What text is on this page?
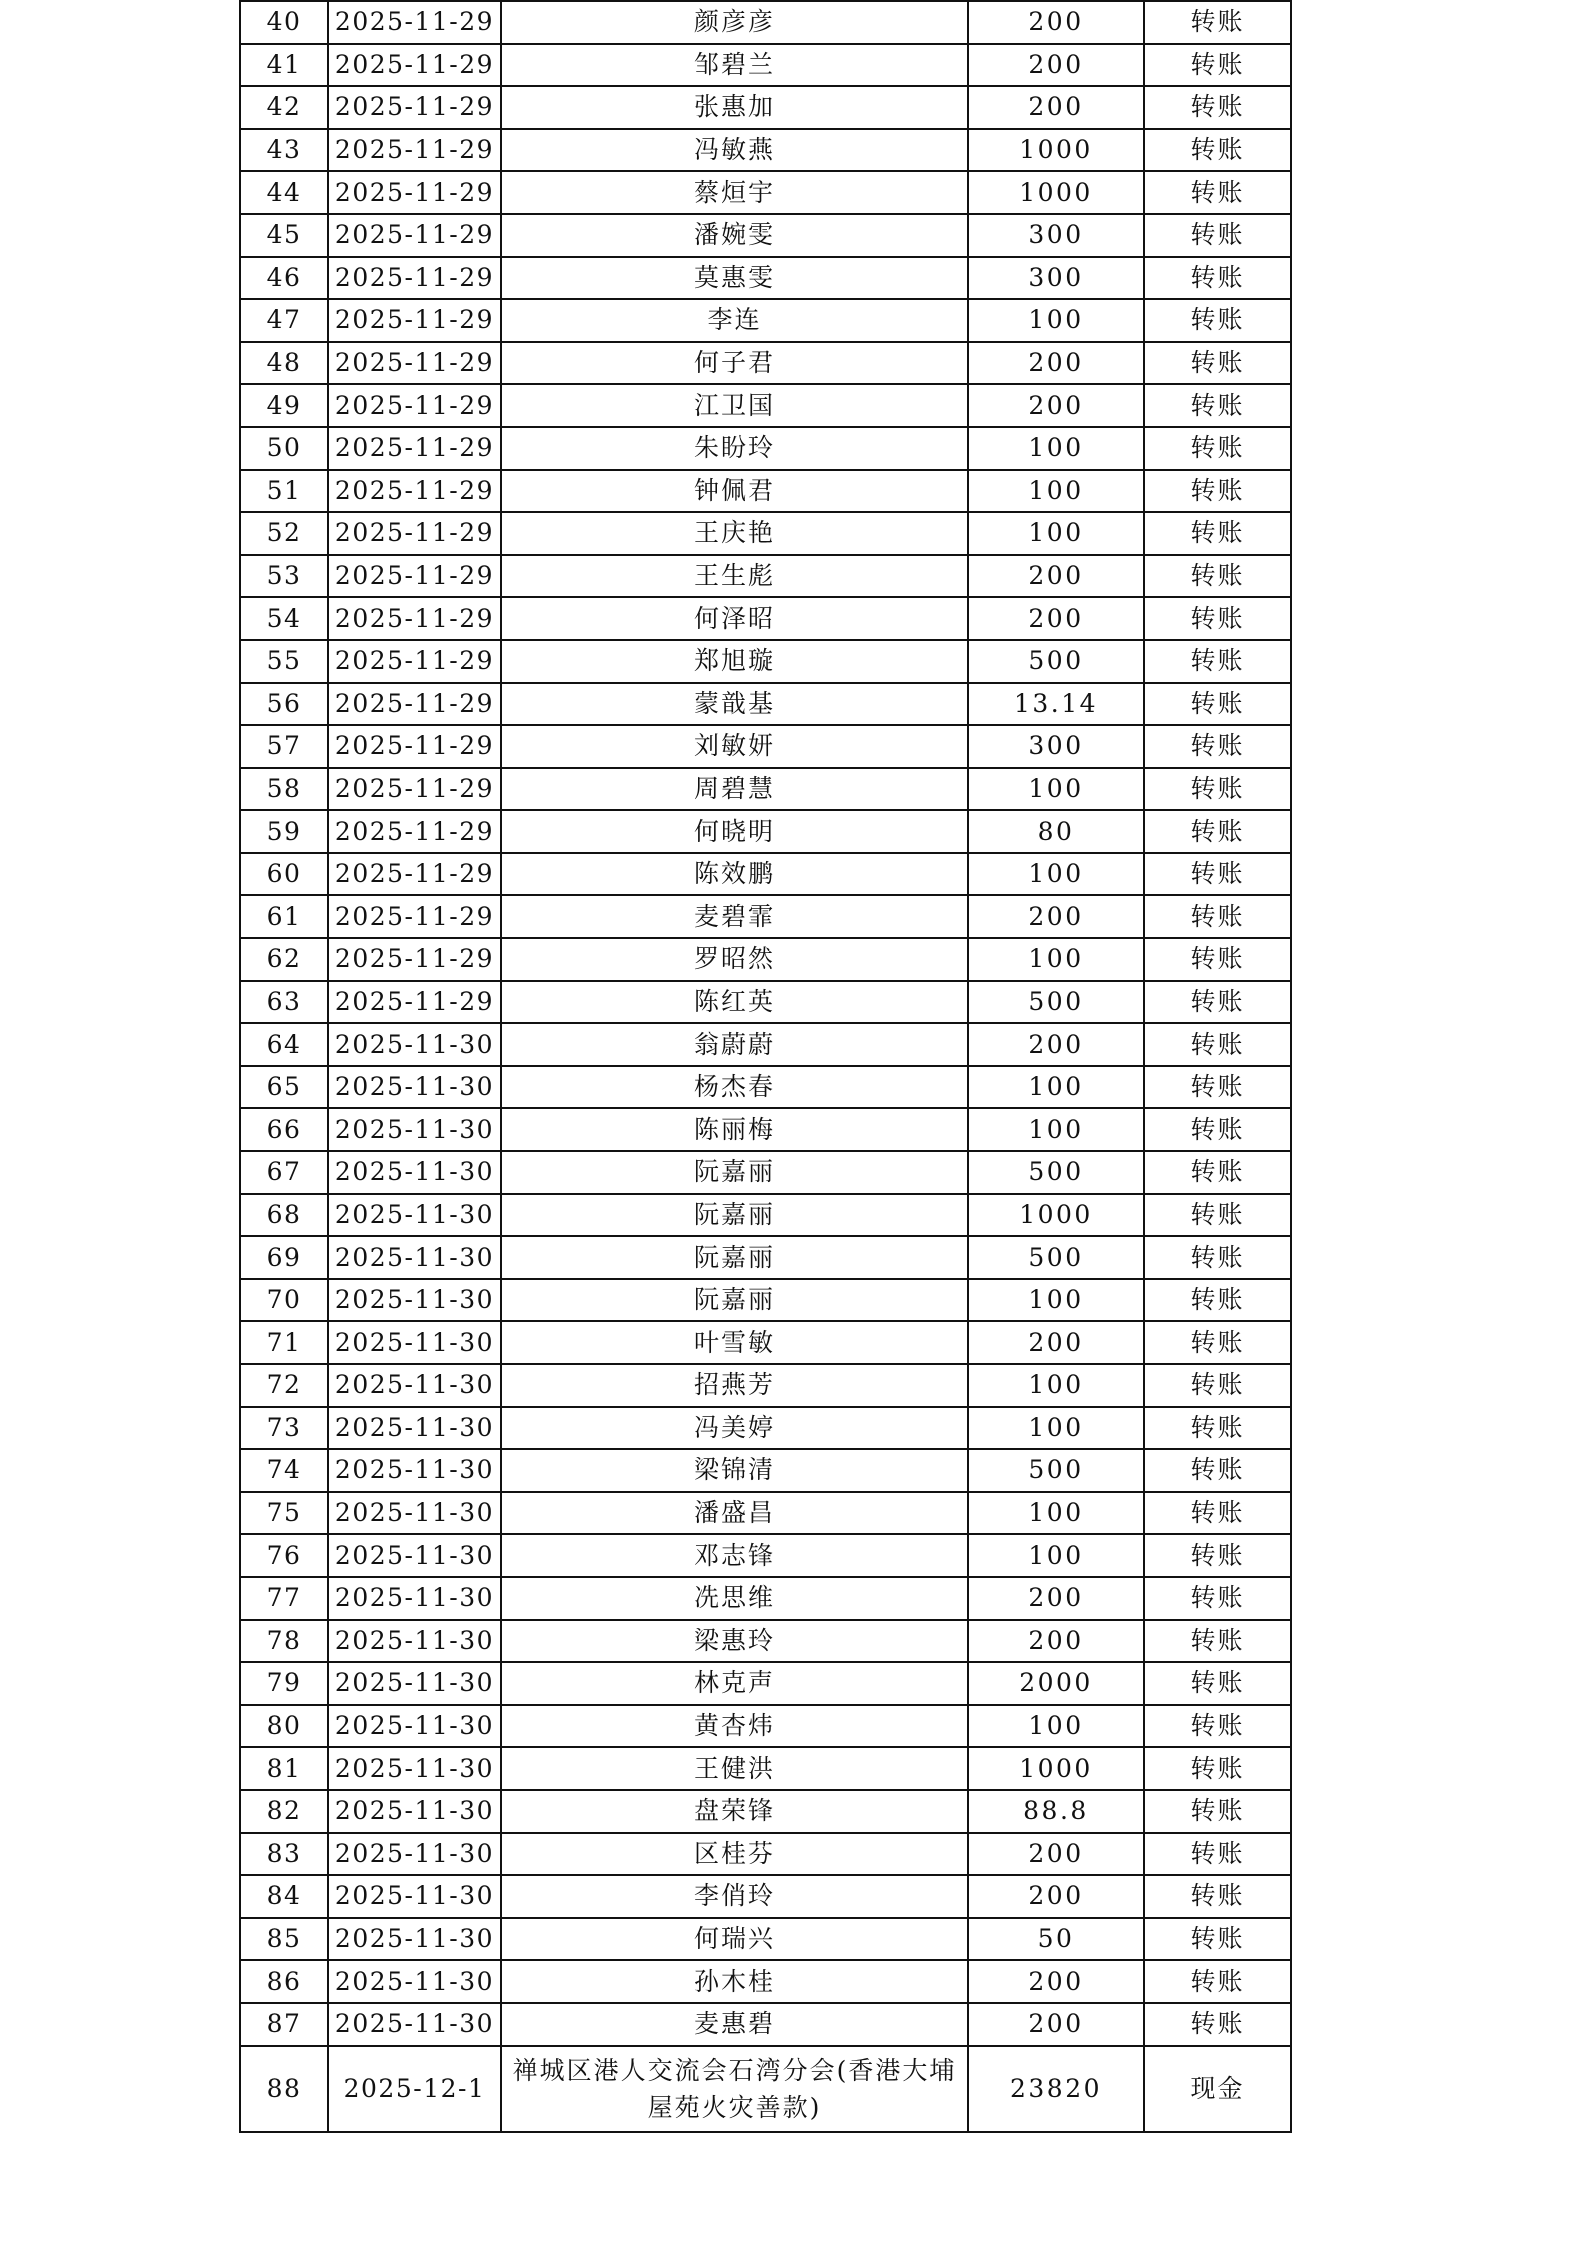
40	2025-11-29	颜彦彦	200	转账
41	2025-11-29	邹碧兰	200	转账
42	2025-11-29	张惠加	200	转账
43	2025-11-29	冯敏燕	1000	转账
44	2025-11-29	蔡烜宇	1000	转账
45	2025-11-29	潘婉雯	300	转账
46	2025-11-29	莫惠雯	300	转账
47	2025-11-29	李连	100	转账
48	2025-11-29	何子君	200	转账
49	2025-11-29	江卫国	200	转账
50	2025-11-29	朱盼玲	100	转账
51	2025-11-29	钟佩君	100	转账
52	2025-11-29	王庆艳	100	转账
53	2025-11-29	王生彪	200	转账
54	2025-11-29	何泽昭	200	转账
55	2025-11-29	郑旭璇	500	转账
56	2025-11-29	蒙戠基	13.14	转账
57	2025-11-29	刘敏妍	300	转账
58	2025-11-29	周碧慧	100	转账
59	2025-11-29	何晓明	80	转账
60	2025-11-29	陈效鹏	100	转账
61	2025-11-29	麦碧霏	200	转账
62	2025-11-29	罗昭然	100	转账
63	2025-11-29	陈红英	500	转账
64	2025-11-30	翁蔚蔚	200	转账
65	2025-11-30	杨杰春	100	转账
66	2025-11-30	陈丽梅	100	转账
67	2025-11-30	阮嘉丽	500	转账
68	2025-11-30	阮嘉丽	1000	转账
69	2025-11-30	阮嘉丽	500	转账
70	2025-11-30	阮嘉丽	100	转账
71	2025-11-30	叶雪敏	200	转账
72	2025-11-30	招燕芳	100	转账
73	2025-11-30	冯美婷	100	转账
74	2025-11-30	梁锦清	500	转账
75	2025-11-30	潘盛昌	100	转账
76	2025-11-30	邓志锋	100	转账
77	2025-11-30	冼思维	200	转账
78	2025-11-30	梁惠玲	200	转账
79	2025-11-30	林克声	2000	转账
80	2025-11-30	黄杏炜	100	转账
81	2025-11-30	王健洪	1000	转账
82	2025-11-30	盘荣锋	88.8	转账
83	2025-11-30	区桂芬	200	转账
84	2025-11-30	李俏玲	200	转账
85	2025-11-30	何瑞兴	50	转账
86	2025-11-30	孙木桂	200	转账
87	2025-11-30	麦惠碧	200	转账
88	2025-12-1	禅城区港人交流会石湾分会(香港大埔屋苑火灾善款)	23820	现金
